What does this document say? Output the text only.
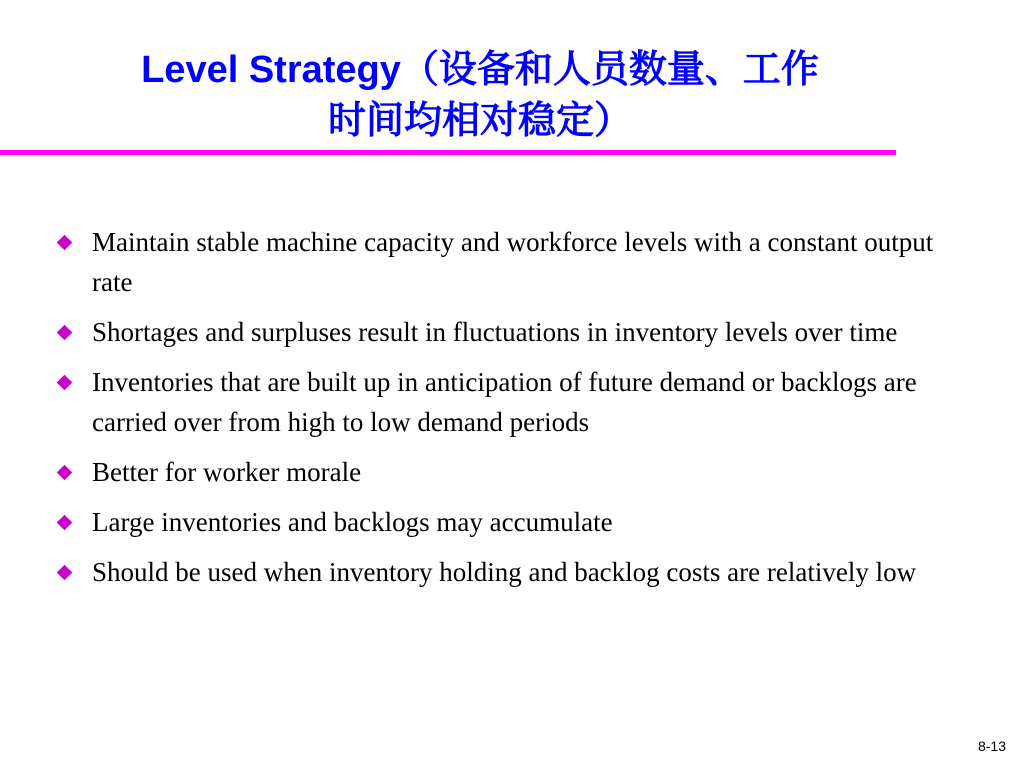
Level Strategy（设备和人员数量、工作
时间均相对稳定）
Maintain stable machine capacity and workforce levels with a constant output rate
Shortages and surpluses result in fluctuations in inventory levels over time
Inventories that are built up in anticipation of future demand or backlogs are carried over from high to low demand periods
Better for worker morale
Large inventories and backlogs may accumulate
Should be used when inventory holding and backlog costs are relatively low
8-13
